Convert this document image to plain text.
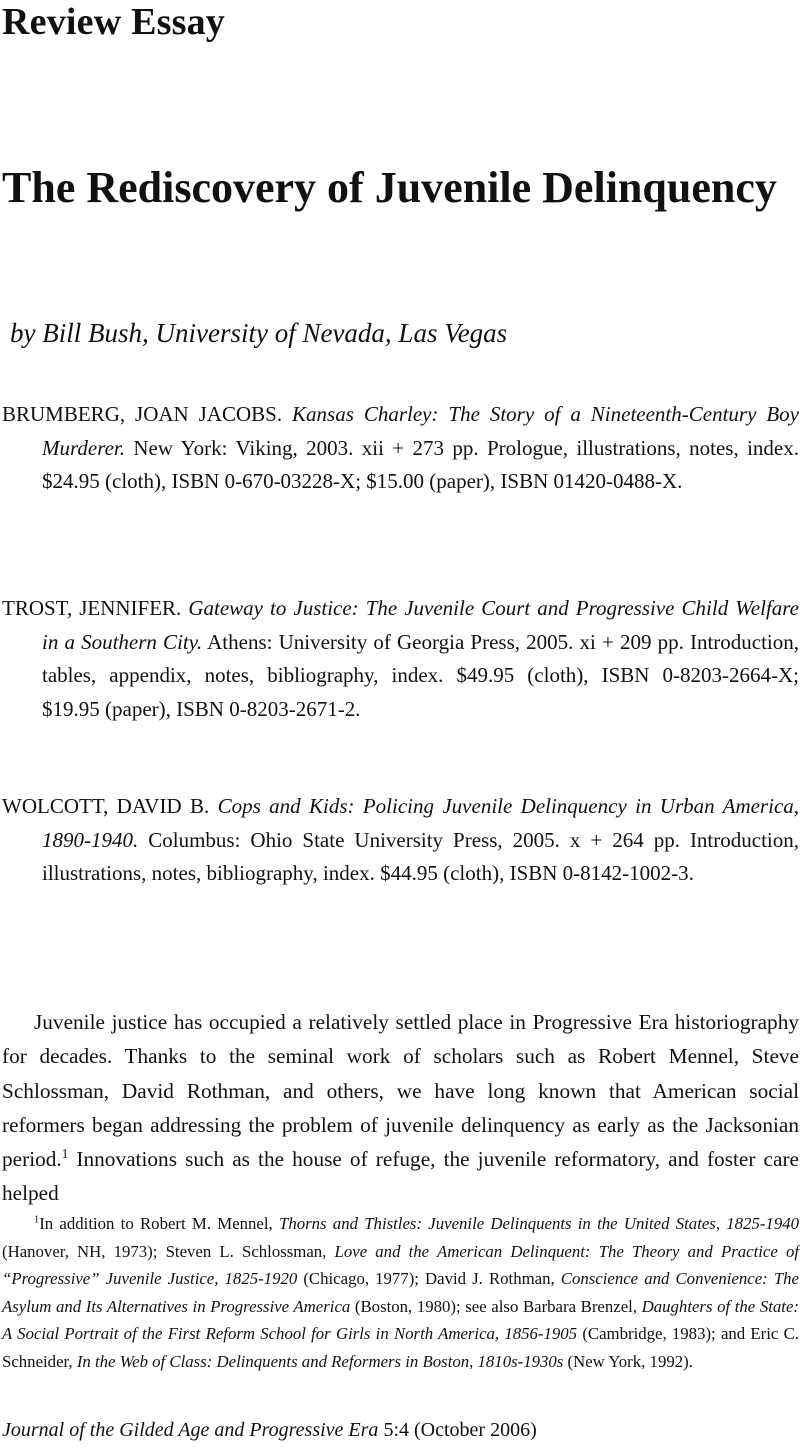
Review Essay
The Rediscovery of Juvenile Delinquency
by Bill Bush, University of Nevada, Las Vegas
BRUMBERG, JOAN JACOBS. Kansas Charley: The Story of a Nineteenth-Century Boy Murderer. New York: Viking, 2003. xii + 273 pp. Prologue, illustrations, notes, index. $24.95 (cloth), ISBN 0-670-03228-X; $15.00 (paper), ISBN 01420-0488-X.
TROST, JENNIFER. Gateway to Justice: The Juvenile Court and Progressive Child Welfare in a Southern City. Athens: University of Georgia Press, 2005. xi + 209 pp. Introduction, tables, appendix, notes, bibliography, index. $49.95 (cloth), ISBN 0-8203-2664-X; $19.95 (paper), ISBN 0-8203-2671-2.
WOLCOTT, DAVID B. Cops and Kids: Policing Juvenile Delinquency in Urban America, 1890-1940. Columbus: Ohio State University Press, 2005. x + 264 pp. Introduction, illustrations, notes, bibliography, index. $44.95 (cloth), ISBN 0-8142-1002-3.
Juvenile justice has occupied a relatively settled place in Progressive Era historiography for decades. Thanks to the seminal work of scholars such as Robert Mennel, Steve Schlossman, David Rothman, and others, we have long known that American social reformers began addressing the problem of juvenile delinquency as early as the Jacksonian period.$^1$ Innovations such as the house of refuge, the juvenile reformatory, and foster care helped
$^1$In addition to Robert M. Mennel, Thorns and Thistles: Juvenile Delinquents in the United States, 1825-1940 (Hanover, NH, 1973); Steven L. Schlossman, Love and the American Delinquent: The Theory and Practice of “Progressive” Juvenile Justice, 1825-1920 (Chicago, 1977); David J. Rothman, Conscience and Convenience: The Asylum and Its Alternatives in Progressive America (Boston, 1980); see also Barbara Brenzel, Daughters of the State: A Social Portrait of the First Reform School for Girls in North America, 1856-1905 (Cambridge, 1983); and Eric C. Schneider, In the Web of Class: Delinquents and Reformers in Boston, 1810s-1930s (New York, 1992).
Journal of the Gilded Age and Progressive Era 5:4 (October 2006)
